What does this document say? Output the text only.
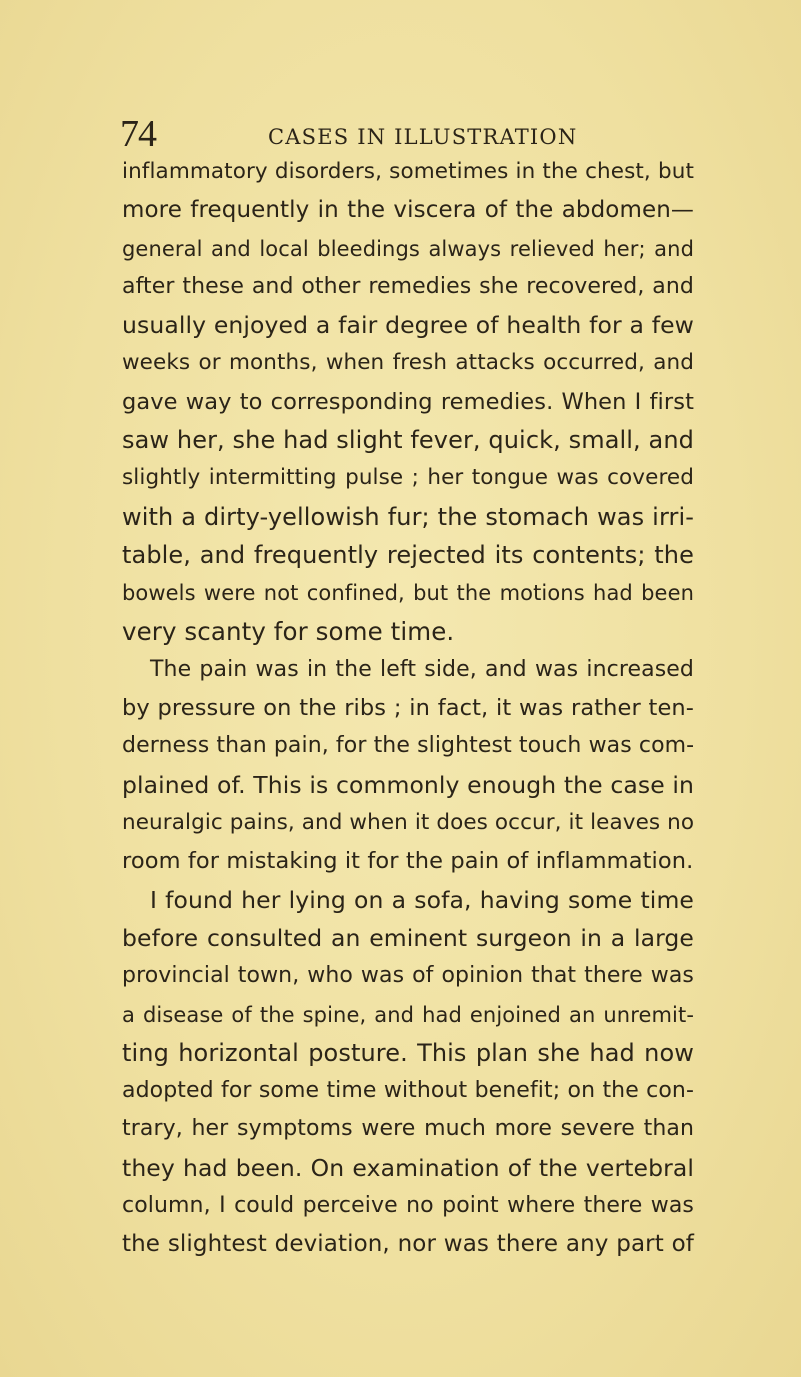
74	CASES IN ILLUSTRATION
inflammatory disorders, sometimes in the chest, but
more frequently in the viscera of the abdomen—
general and local bleedings always relieved her; and
after these and other remedies she recovered, and
usually enjoyed a fair degree of health for a few
weeks or months, when fresh attacks occurred, and
gave way to corresponding remedies. When I first
saw her, she had slight fever, quick, small, and
slightly intermitting pulse ; her tongue was covered
with a dirty-yellowish fur; the stomach was irri-
table, and frequently rejected its contents; the
bowels were not confined, but the motions had been
very scanty for some time.
The pain was in the left side, and was increased
by pressure on the ribs ; in fact, it was rather ten-
derness than pain, for the slightest touch was com-
plained of. This is commonly enough the case in
neuralgic pains, and when it does occur, it leaves no
room for mistaking it for the pain of inflammation.
I found her lying on a sofa, having some time
before consulted an eminent surgeon in a large
provincial town, who was of opinion that there was
a disease of the spine, and had enjoined an unremit-
ting horizontal posture. This plan she had now
adopted for some time without benefit; on the con-
trary, her symptoms were much more severe than
they had been. On examination of the vertebral
column, I could perceive no point where there was
the slightest deviation, nor was there any part of
